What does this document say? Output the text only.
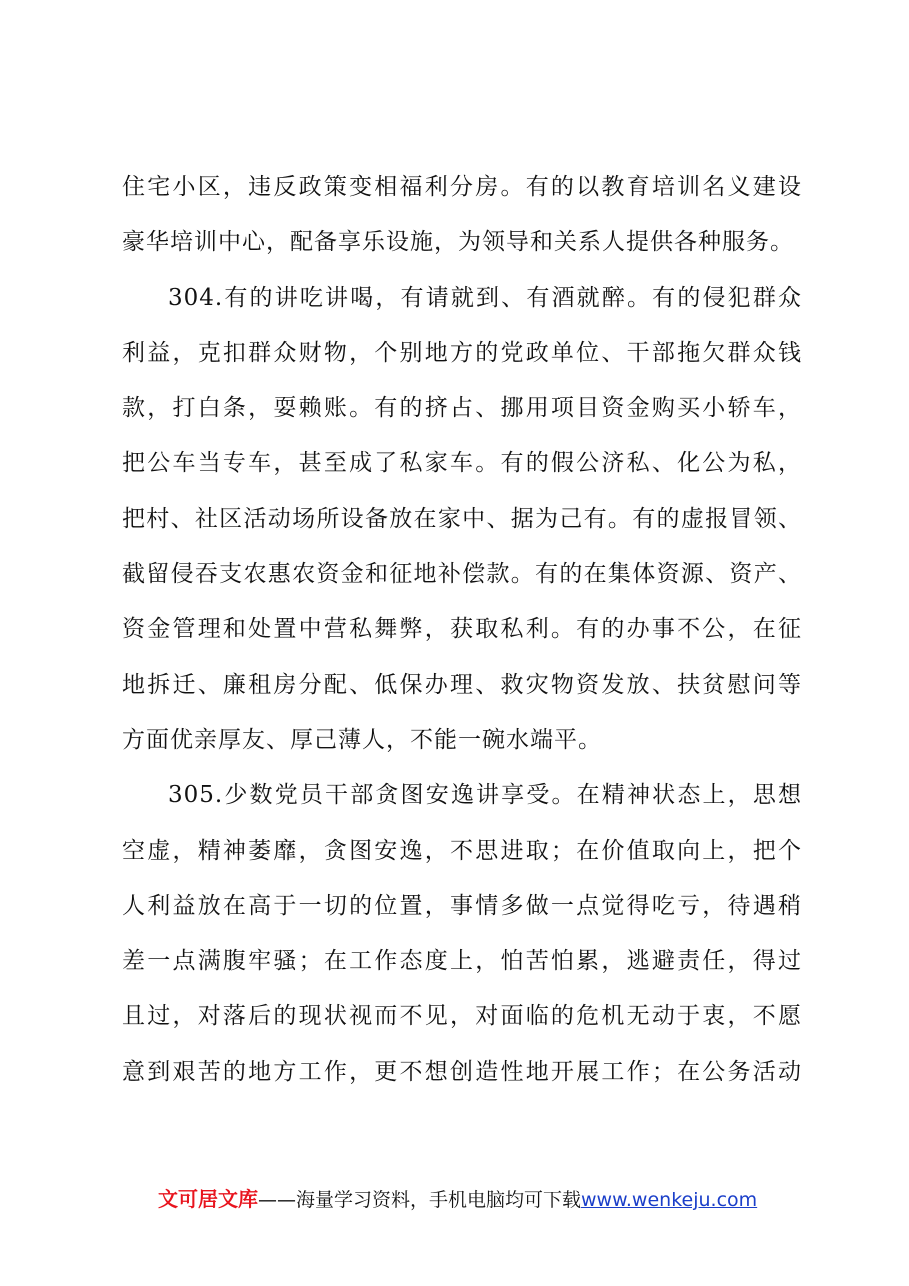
住宅小区，违反政策变相福利分房。有的以教育培训名义建设
豪华培训中心，配备享乐设施，为领导和关系人提供各种服务。
304.有的讲吃讲喝，有请就到、有酒就醉。有的侵犯群众
利益，克扣群众财物，个别地方的党政单位、干部拖欠群众钱
款，打白条，耍赖账。有的挤占、挪用项目资金购买小轿车，
把公车当专车，甚至成了私家车。有的假公济私、化公为私，
把村、社区活动场所设备放在家中、据为己有。有的虚报冒领、
截留侵吞支农惠农资金和征地补偿款。有的在集体资源、资产、
资金管理和处置中营私舞弊，获取私利。有的办事不公，在征
地拆迁、廉租房分配、低保办理、救灾物资发放、扶贫慰问等
方面优亲厚友、厚己薄人，不能一碗水端平。
305.少数党员干部贪图安逸讲享受。在精神状态上，思想
空虚，精神萎靡，贪图安逸，不思进取；在价值取向上，把个
人利益放在高于一切的位置，事情多做一点觉得吃亏，待遇稍
差一点满腹牢骚；在工作态度上，怕苦怕累，逃避责任，得过
且过，对落后的现状视而不见，对面临的危机无动于衷，不愿
意到艰苦的地方工作，更不想创造性地开展工作；在公务活动
文可居文库——海量学习资料，手机电脑均可下载www.wenkeju.com
